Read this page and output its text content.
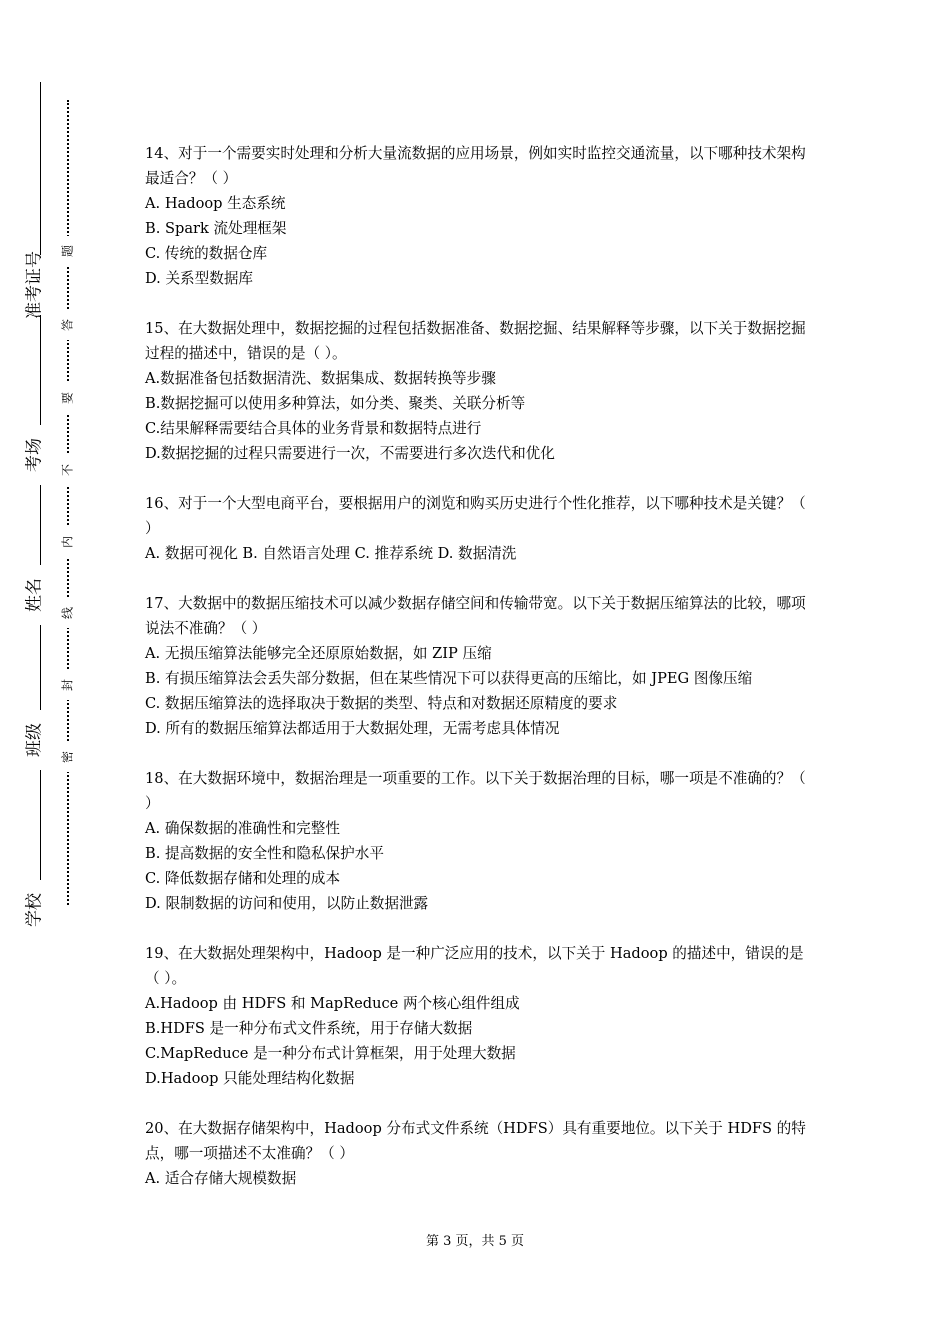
准考证号
考场
姓名
班级
学校
题
答
要
不
内
线
封
密

14、对于一个需要实时处理和分析大量流数据的应用场景，例如实时监控交通流量，以下哪种技术架构最适合？（ ）

A. Hadoop 生态系统

B. Spark 流处理框架

C. 传统的数据仓库

D. 关系型数据库

15、在大数据处理中，数据挖掘的过程包括数据准备、数据挖掘、结果解释等步骤，以下关于数据挖掘过程的描述中，错误的是（ ）。

A.数据准备包括数据清洗、数据集成、数据转换等步骤

B.数据挖掘可以使用多种算法，如分类、聚类、关联分析等

C.结果解释需要结合具体的业务背景和数据特点进行

D.数据挖掘的过程只需要进行一次，不需要进行多次迭代和优化

16、对于一个大型电商平台，要根据用户的浏览和购买历史进行个性化推荐，以下哪种技术是关键？（ ）

A. 数据可视化 B. 自然语言处理 C. 推荐系统 D. 数据清洗

17、大数据中的数据压缩技术可以减少数据存储空间和传输带宽。以下关于数据压缩算法的比较，哪项说法不准确？（ ）

A. 无损压缩算法能够完全还原原始数据，如 ZIP 压缩

B. 有损压缩算法会丢失部分数据，但在某些情况下可以获得更高的压缩比，如 JPEG 图像压缩

C. 数据压缩算法的选择取决于数据的类型、特点和对数据还原精度的要求

D. 所有的数据压缩算法都适用于大数据处理，无需考虑具体情况

18、在大数据环境中，数据治理是一项重要的工作。以下关于数据治理的目标，哪一项是不准确的？（ ）

A. 确保数据的准确性和完整性

B. 提高数据的安全性和隐私保护水平

C. 降低数据存储和处理的成本

D. 限制数据的访问和使用，以防止数据泄露

19、在大数据处理架构中，Hadoop 是一种广泛应用的技术，以下关于 Hadoop 的描述中，错误的是（ ）。

A.Hadoop 由 HDFS 和 MapReduce 两个核心组件组成

B.HDFS 是一种分布式文件系统，用于存储大数据

C.MapReduce 是一种分布式计算框架，用于处理大数据

D.Hadoop 只能处理结构化数据

20、在大数据存储架构中，Hadoop 分布式文件系统（HDFS）具有重要地位。以下关于 HDFS 的特点，哪一项描述不太准确？（ ）

A. 适合存储大规模数据

第 3 页，共 5 页
